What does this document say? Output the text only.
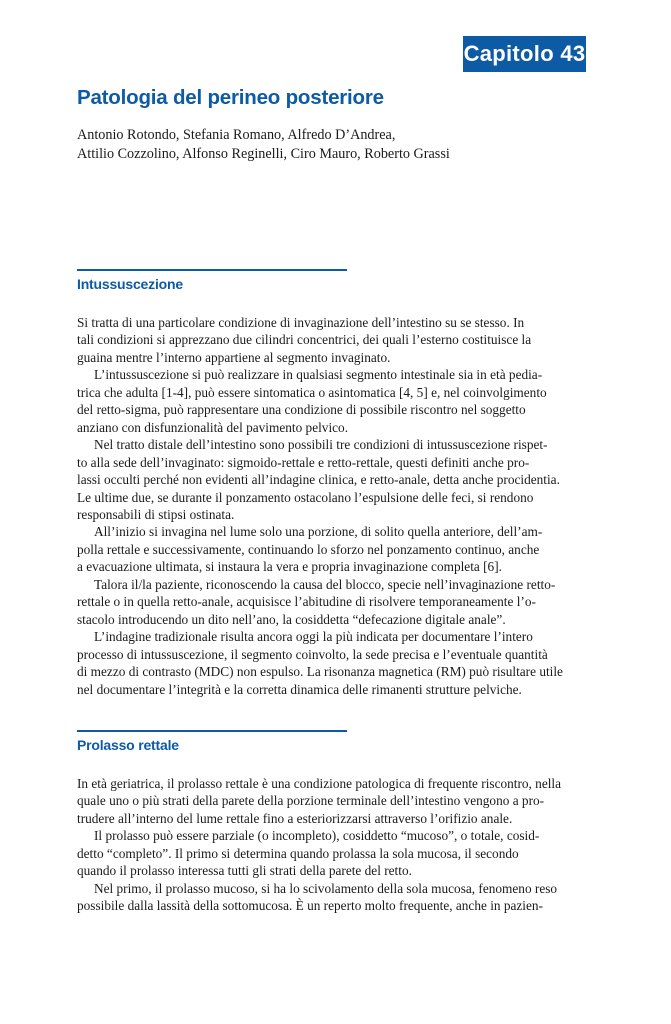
Capitolo 43
Patologia del perineo posteriore
Antonio Rotondo, Stefania Romano, Alfredo D’Andrea,
Attilio Cozzolino, Alfonso Reginelli, Ciro Mauro, Roberto Grassi
Intussuscezione
Si tratta di una particolare condizione di invaginazione dell’intestino su se stesso. In
tali condizioni si apprezzano due cilindri concentrici, dei quali l’esterno costituisce la
guaina mentre l’interno appartiene al segmento invaginato.
L’intussuscezione si può realizzare in qualsiasi segmento intestinale sia in età pedia-
trica che adulta [1-4], può essere sintomatica o asintomatica [4, 5] e, nel coinvolgimento
del retto-sigma, può rappresentare una condizione di possibile riscontro nel soggetto
anziano con disfunzionalità del pavimento pelvico.
Nel tratto distale dell’intestino sono possibili tre condizioni di intussuscezione rispet-
to alla sede dell’invaginato: sigmoido-rettale e retto-rettale, questi definiti anche pro-
lassi occulti perché non evidenti all’indagine clinica, e retto-anale, detta anche procidentia.
Le ultime due, se durante il ponzamento ostacolano l’espulsione delle feci, si rendono
responsabili di stipsi ostinata.
All’inizio si invagina nel lume solo una porzione, di solito quella anteriore, dell’am-
polla rettale e successivamente, continuando lo sforzo nel ponzamento continuo, anche
a evacuazione ultimata, si instaura la vera e propria invaginazione completa [6].
Talora il/la paziente, riconoscendo la causa del blocco, specie nell’invaginazione retto-
rettale o in quella retto-anale, acquisisce l’abitudine di risolvere temporaneamente l’o-
stacolo introducendo un dito nell’ano, la cosiddetta “defecazione digitale anale”.
L’indagine tradizionale risulta ancora oggi la più indicata per documentare l’intero
processo di intussuscezione, il segmento coinvolto, la sede precisa e l’eventuale quantità
di mezzo di contrasto (MDC) non espulso. La risonanza magnetica (RM) può risultare utile
nel documentare l’integrità e la corretta dinamica delle rimanenti strutture pelviche.
Prolasso rettale
In età geriatrica, il prolasso rettale è una condizione patologica di frequente riscontro, nella
quale uno o più strati della parete della porzione terminale dell’intestino vengono a pro-
trudere all’interno del lume rettale fino a esteriorizzarsi attraverso l’orifizio anale.
Il prolasso può essere parziale (o incompleto), cosiddetto “mucoso”, o totale, cosid-
detto “completo”. Il primo si determina quando prolassa la sola mucosa, il secondo
quando il prolasso interessa tutti gli strati della parete del retto.
Nel primo, il prolasso mucoso, si ha lo scivolamento della sola mucosa, fenomeno reso
possibile dalla lassità della sottomucosa. È un reperto molto frequente, anche in pazien-
